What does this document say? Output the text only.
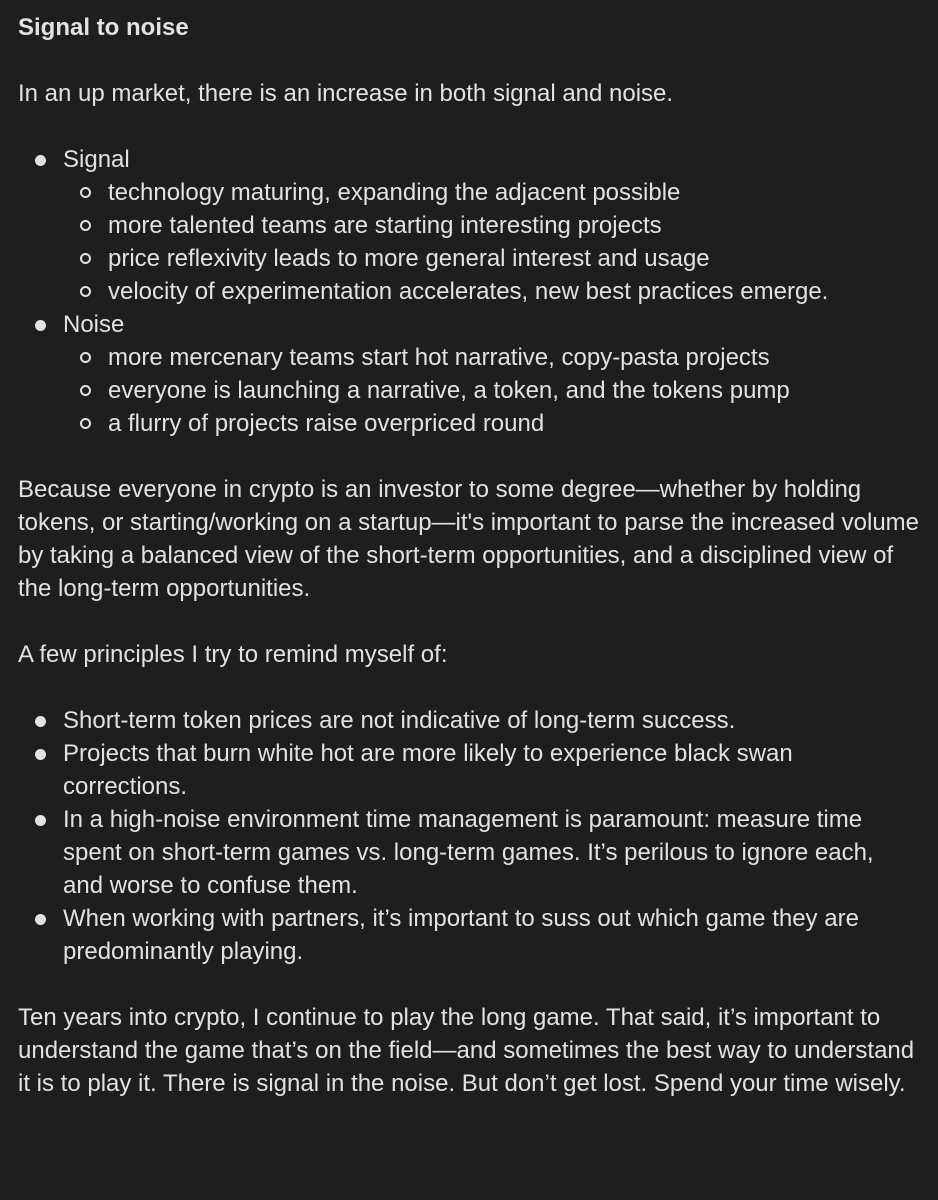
Signal to noise

In an up market, there is an increase in both signal and noise.

Signal
technology maturing, expanding the adjacent possible
more talented teams are starting interesting projects
price reflexivity leads to more general interest and usage
velocity of experimentation accelerates, new best practices emerge.
Noise
more mercenary teams start hot narrative, copy-pasta projects
everyone is launching a narrative, a token, and the tokens pump
a flurry of projects raise overpriced round

Because everyone in crypto is an investor to some degree—whether by holding tokens, or starting/working on a startup—it's important to parse the increased volume by taking a balanced view of the short-term opportunities, and a disciplined view of the long-term opportunities.

A few principles I try to remind myself of:

Short-term token prices are not indicative of long-term success.
Projects that burn white hot are more likely to experience black swan corrections.
In a high-noise environment time management is paramount: measure time spent on short-term games vs. long-term games. It’s perilous to ignore each, and worse to confuse them.
When working with partners, it’s important to suss out which game they are predominantly playing.

Ten years into crypto, I continue to play the long game. That said, it’s important to understand the game that’s on the field—and sometimes the best way to understand it is to play it. There is signal in the noise. But don’t get lost. Spend your time wisely.
